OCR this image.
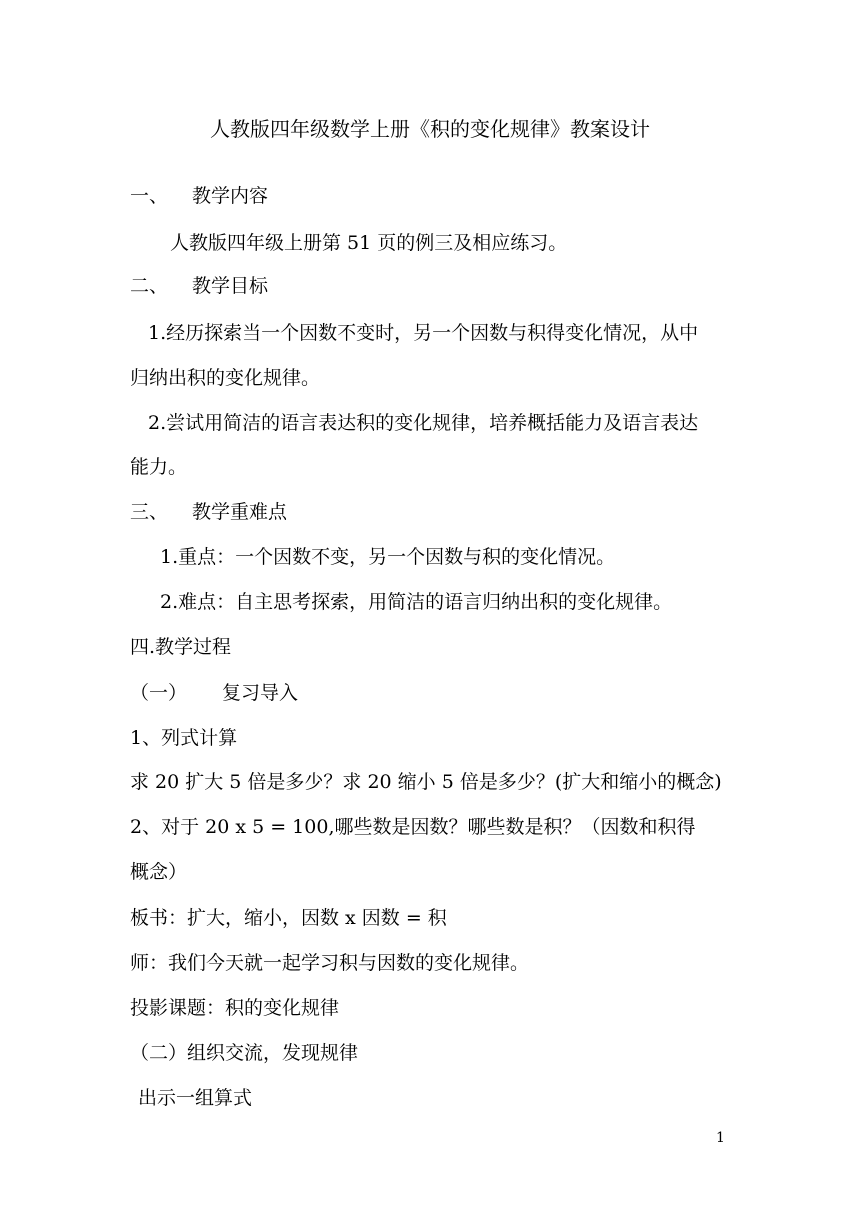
人教版四年级数学上册《积的变化规律》教案设计
一、 教学内容
人教版四年级上册第 51 页的例三及相应练习。
二、 教学目标
1.经历探索当一个因数不变时，另一个因数与积得变化情况，从中
归纳出积的变化规律。
2.尝试用简洁的语言表达积的变化规律，培养概括能力及语言表达
能力。
三、 教学重难点
1.重点：一个因数不变，另一个因数与积的变化情况。
2.难点：自主思考探索，用简洁的语言归纳出积的变化规律。
四.教学过程
（一） 复习导入
1、列式计算
求 20 扩大 5 倍是多少？求 20 缩小 5 倍是多少？(扩大和缩小的概念)
2、对于 20 x 5 = 100,哪些数是因数？哪些数是积？（因数和积得
概念）
板书：扩大，缩小，因数 x 因数 = 积
师：我们今天就一起学习积与因数的变化规律。
投影课题：积的变化规律
（二）组织交流，发现规律
出示一组算式
1
